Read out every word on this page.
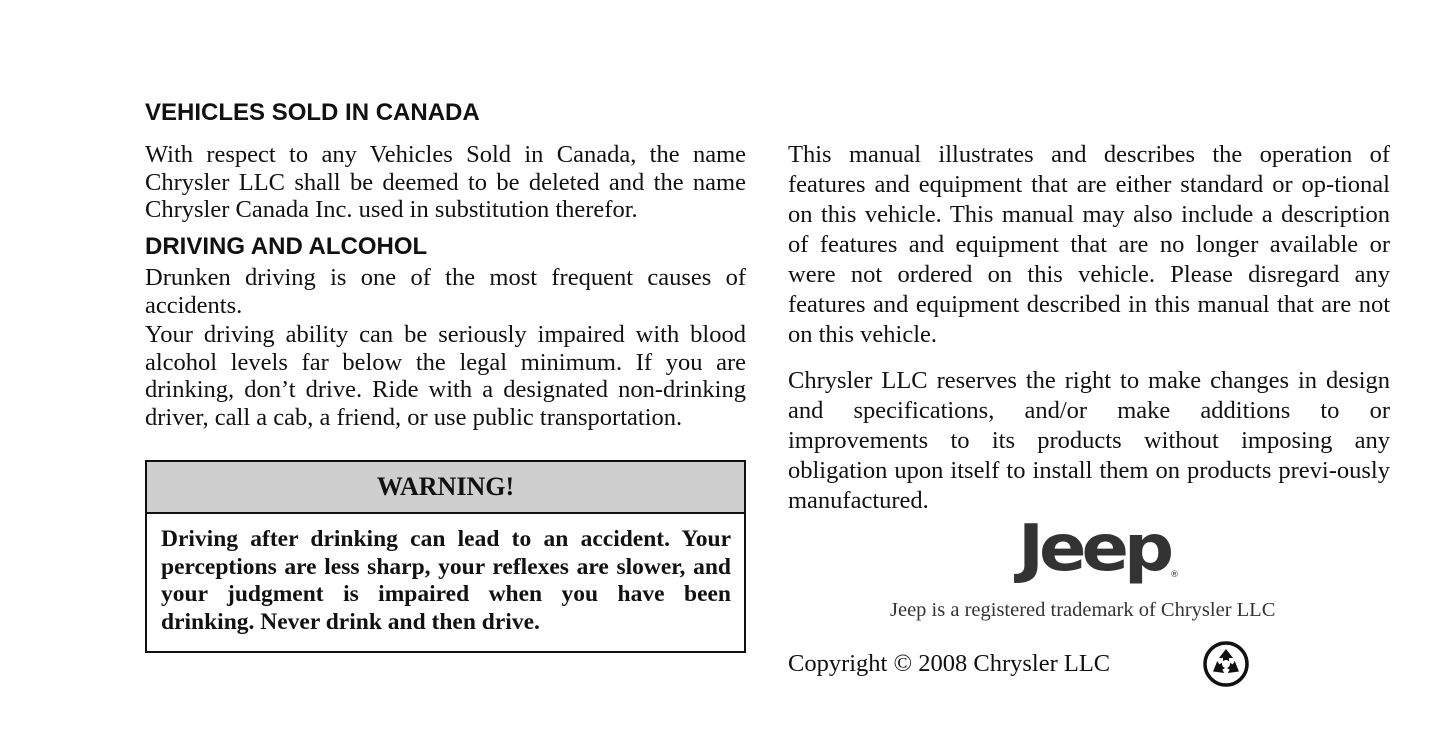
VEHICLES SOLD IN CANADA

With respect to any Vehicles Sold in Canada, the name Chrysler LLC shall be deemed to be deleted and the name Chrysler Canada Inc. used in substitution therefor.

DRIVING AND ALCOHOL

Drunken driving is one of the most frequent causes of accidents.

Your driving ability can be seriously impaired with blood alcohol levels far below the legal minimum. If you are drinking, don’t drive. Ride with a designated non-drinking driver, call a cab, a friend, or use public transportation.

WARNING!

Driving after drinking can lead to an accident. Your perceptions are less sharp, your reflexes are slower, and your judgment is impaired when you have been drinking. Never drink and then drive.

This manual illustrates and describes the operation of features and equipment that are either standard or op-tional on this vehicle. This manual may also include a description of features and equipment that are no longer available or were not ordered on this vehicle. Please disregard any features and equipment described in this manual that are not on this vehicle.

Chrysler LLC reserves the right to make changes in design and specifications, and/or make additions to or improvements to its products without imposing any obligation upon itself to install them on products previ-ously manufactured.

Jeep ®

Jeep is a registered trademark of Chrysler LLC

Copyright © 2008 Chrysler LLC
